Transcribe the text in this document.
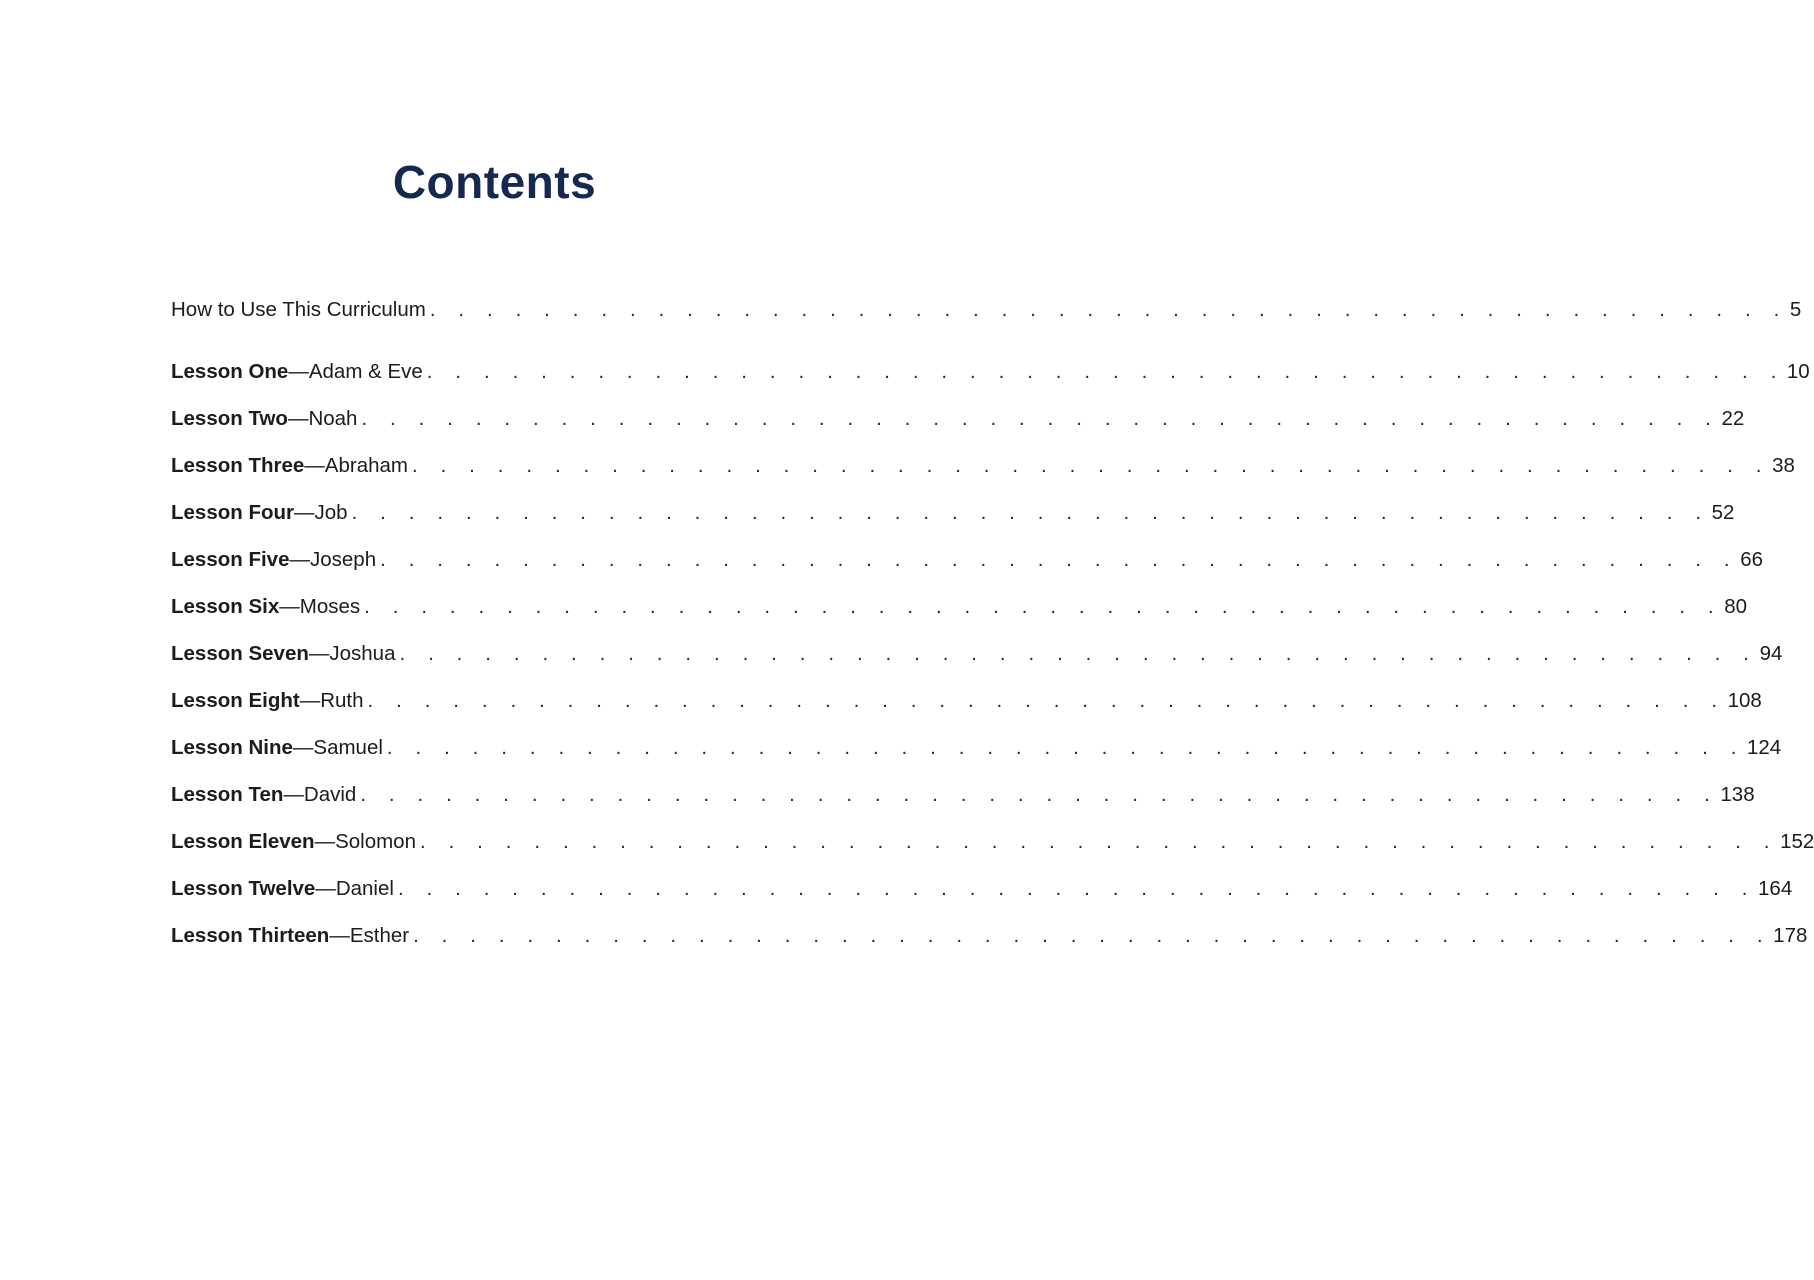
Contents
How to Use This Curriculum . . . . . . . . . . . . . . . . . . . . . . . . . . . . . . . . . . . . . . . . . . . . . . . . 5
Lesson One—Adam & Eve . . . . . . . . . . . . . . . . . . . . . . . . . . . . . . . . . . . . . . . . . . . . . . . . 10
Lesson Two—Noah . . . . . . . . . . . . . . . . . . . . . . . . . . . . . . . . . . . . . . . . . . . . . . . . 22
Lesson Three—Abraham . . . . . . . . . . . . . . . . . . . . . . . . . . . . . . . . . . . . . . . . . . . . . . . . 38
Lesson Four—Job . . . . . . . . . . . . . . . . . . . . . . . . . . . . . . . . . . . . . . . . . . . . . . . . 52
Lesson Five—Joseph . . . . . . . . . . . . . . . . . . . . . . . . . . . . . . . . . . . . . . . . . . . . . . . . 66
Lesson Six—Moses . . . . . . . . . . . . . . . . . . . . . . . . . . . . . . . . . . . . . . . . . . . . . . . . 80
Lesson Seven—Joshua . . . . . . . . . . . . . . . . . . . . . . . . . . . . . . . . . . . . . . . . . . . . . . . . 94
Lesson Eight—Ruth . . . . . . . . . . . . . . . . . . . . . . . . . . . . . . . . . . . . . . . . . . . . . . . . 108
Lesson Nine—Samuel . . . . . . . . . . . . . . . . . . . . . . . . . . . . . . . . . . . . . . . . . . . . . . . . 124
Lesson Ten—David . . . . . . . . . . . . . . . . . . . . . . . . . . . . . . . . . . . . . . . . . . . . . . . . 138
Lesson Eleven—Solomon . . . . . . . . . . . . . . . . . . . . . . . . . . . . . . . . . . . . . . . . . . . . . . . . 152
Lesson Twelve—Daniel . . . . . . . . . . . . . . . . . . . . . . . . . . . . . . . . . . . . . . . . . . . . . . . . 164
Lesson Thirteen—Esther . . . . . . . . . . . . . . . . . . . . . . . . . . . . . . . . . . . . . . . . . . . . . . . . 178
